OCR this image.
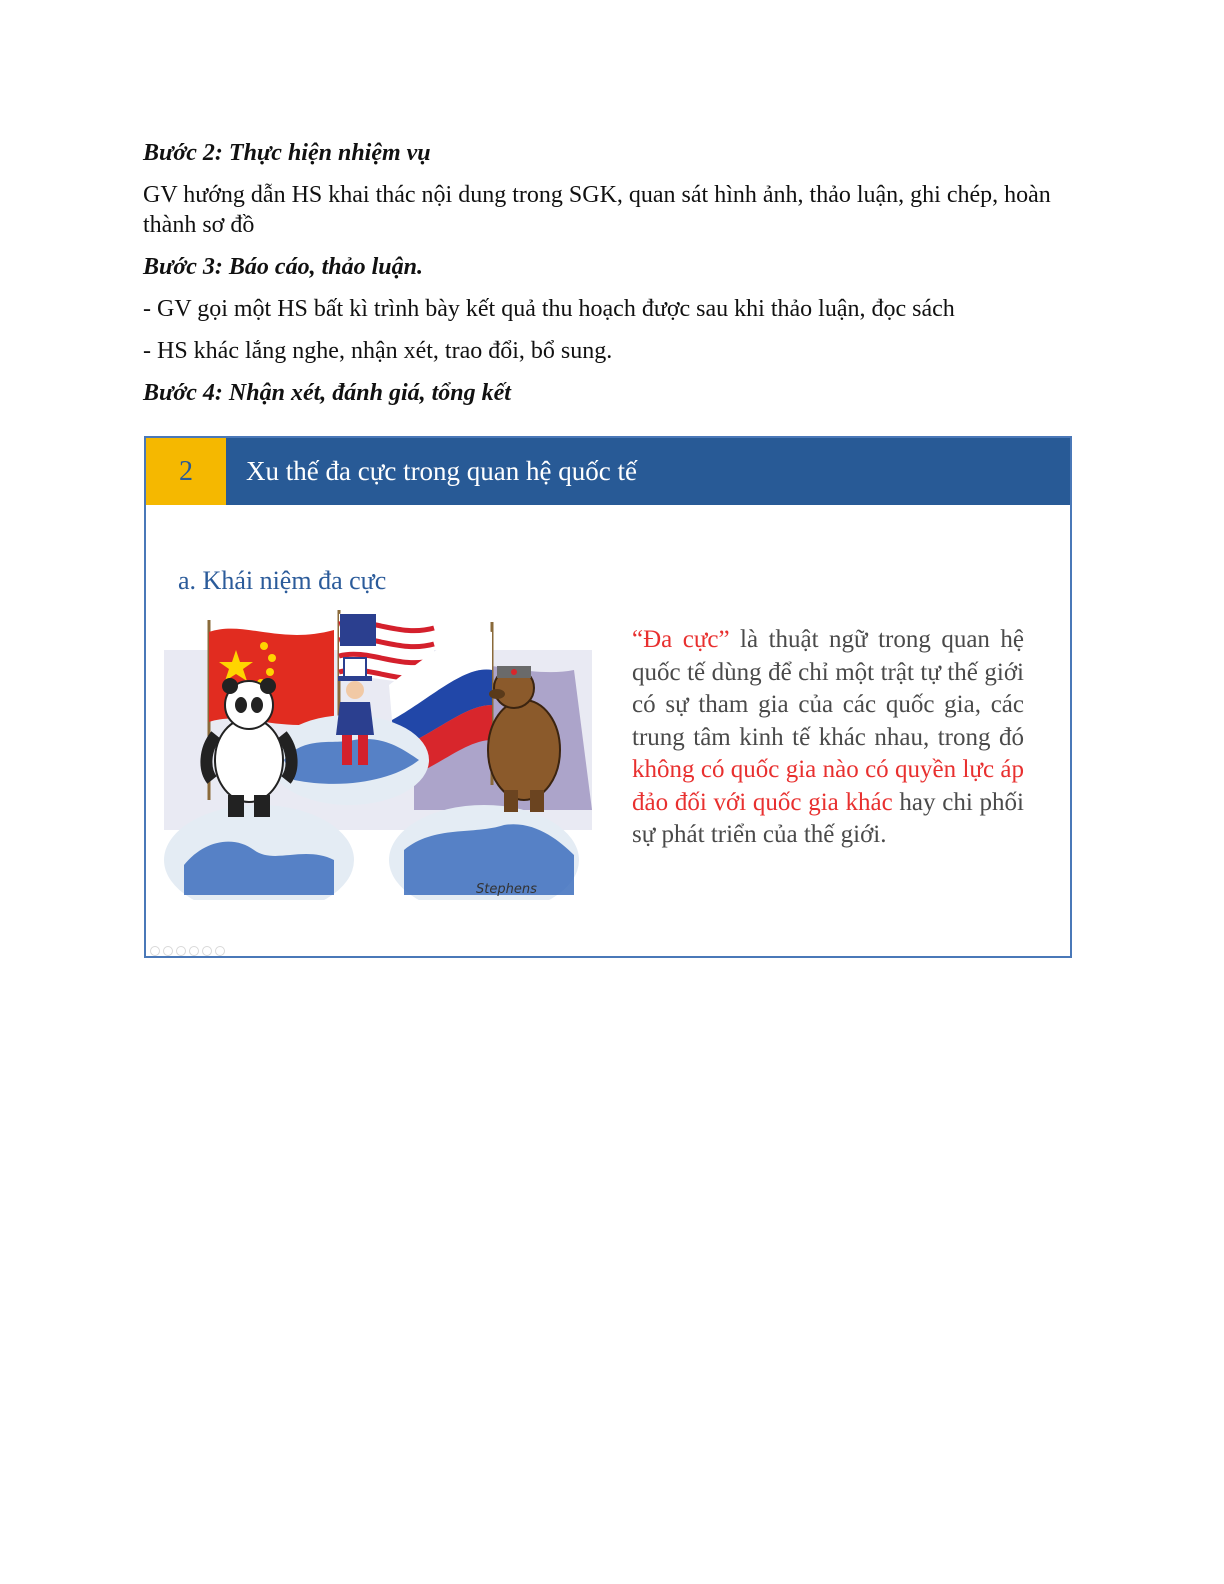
Bước 2: Thực hiện nhiệm vụ

GV hướng dẫn HS khai thác nội dung trong SGK, quan sát hình ảnh, thảo luận, ghi chép, hoàn thành sơ đồ

Bước 3: Báo cáo, thảo luận.

- GV gọi một HS bất kì trình bày kết quả thu hoạch được sau khi thảo luận, đọc sách

- HS khác lắng nghe, nhận xét, trao đổi, bổ sung.

Bước 4: Nhận xét, đánh giá, tổng kết

2	Xu thế đa cực trong quan hệ quốc tế
a. Khái niệm đa cực
Stephens
“Đa cực” là thuật ngữ trong quan hệ quốc tế dùng để chỉ một trật tự thế giới có sự tham gia của các quốc gia, các trung tâm kinh tế khác nhau, trong đó không có quốc gia nào có quyền lực áp đảo đối với quốc gia khác hay chi phối sự phát triển của thế giới.
